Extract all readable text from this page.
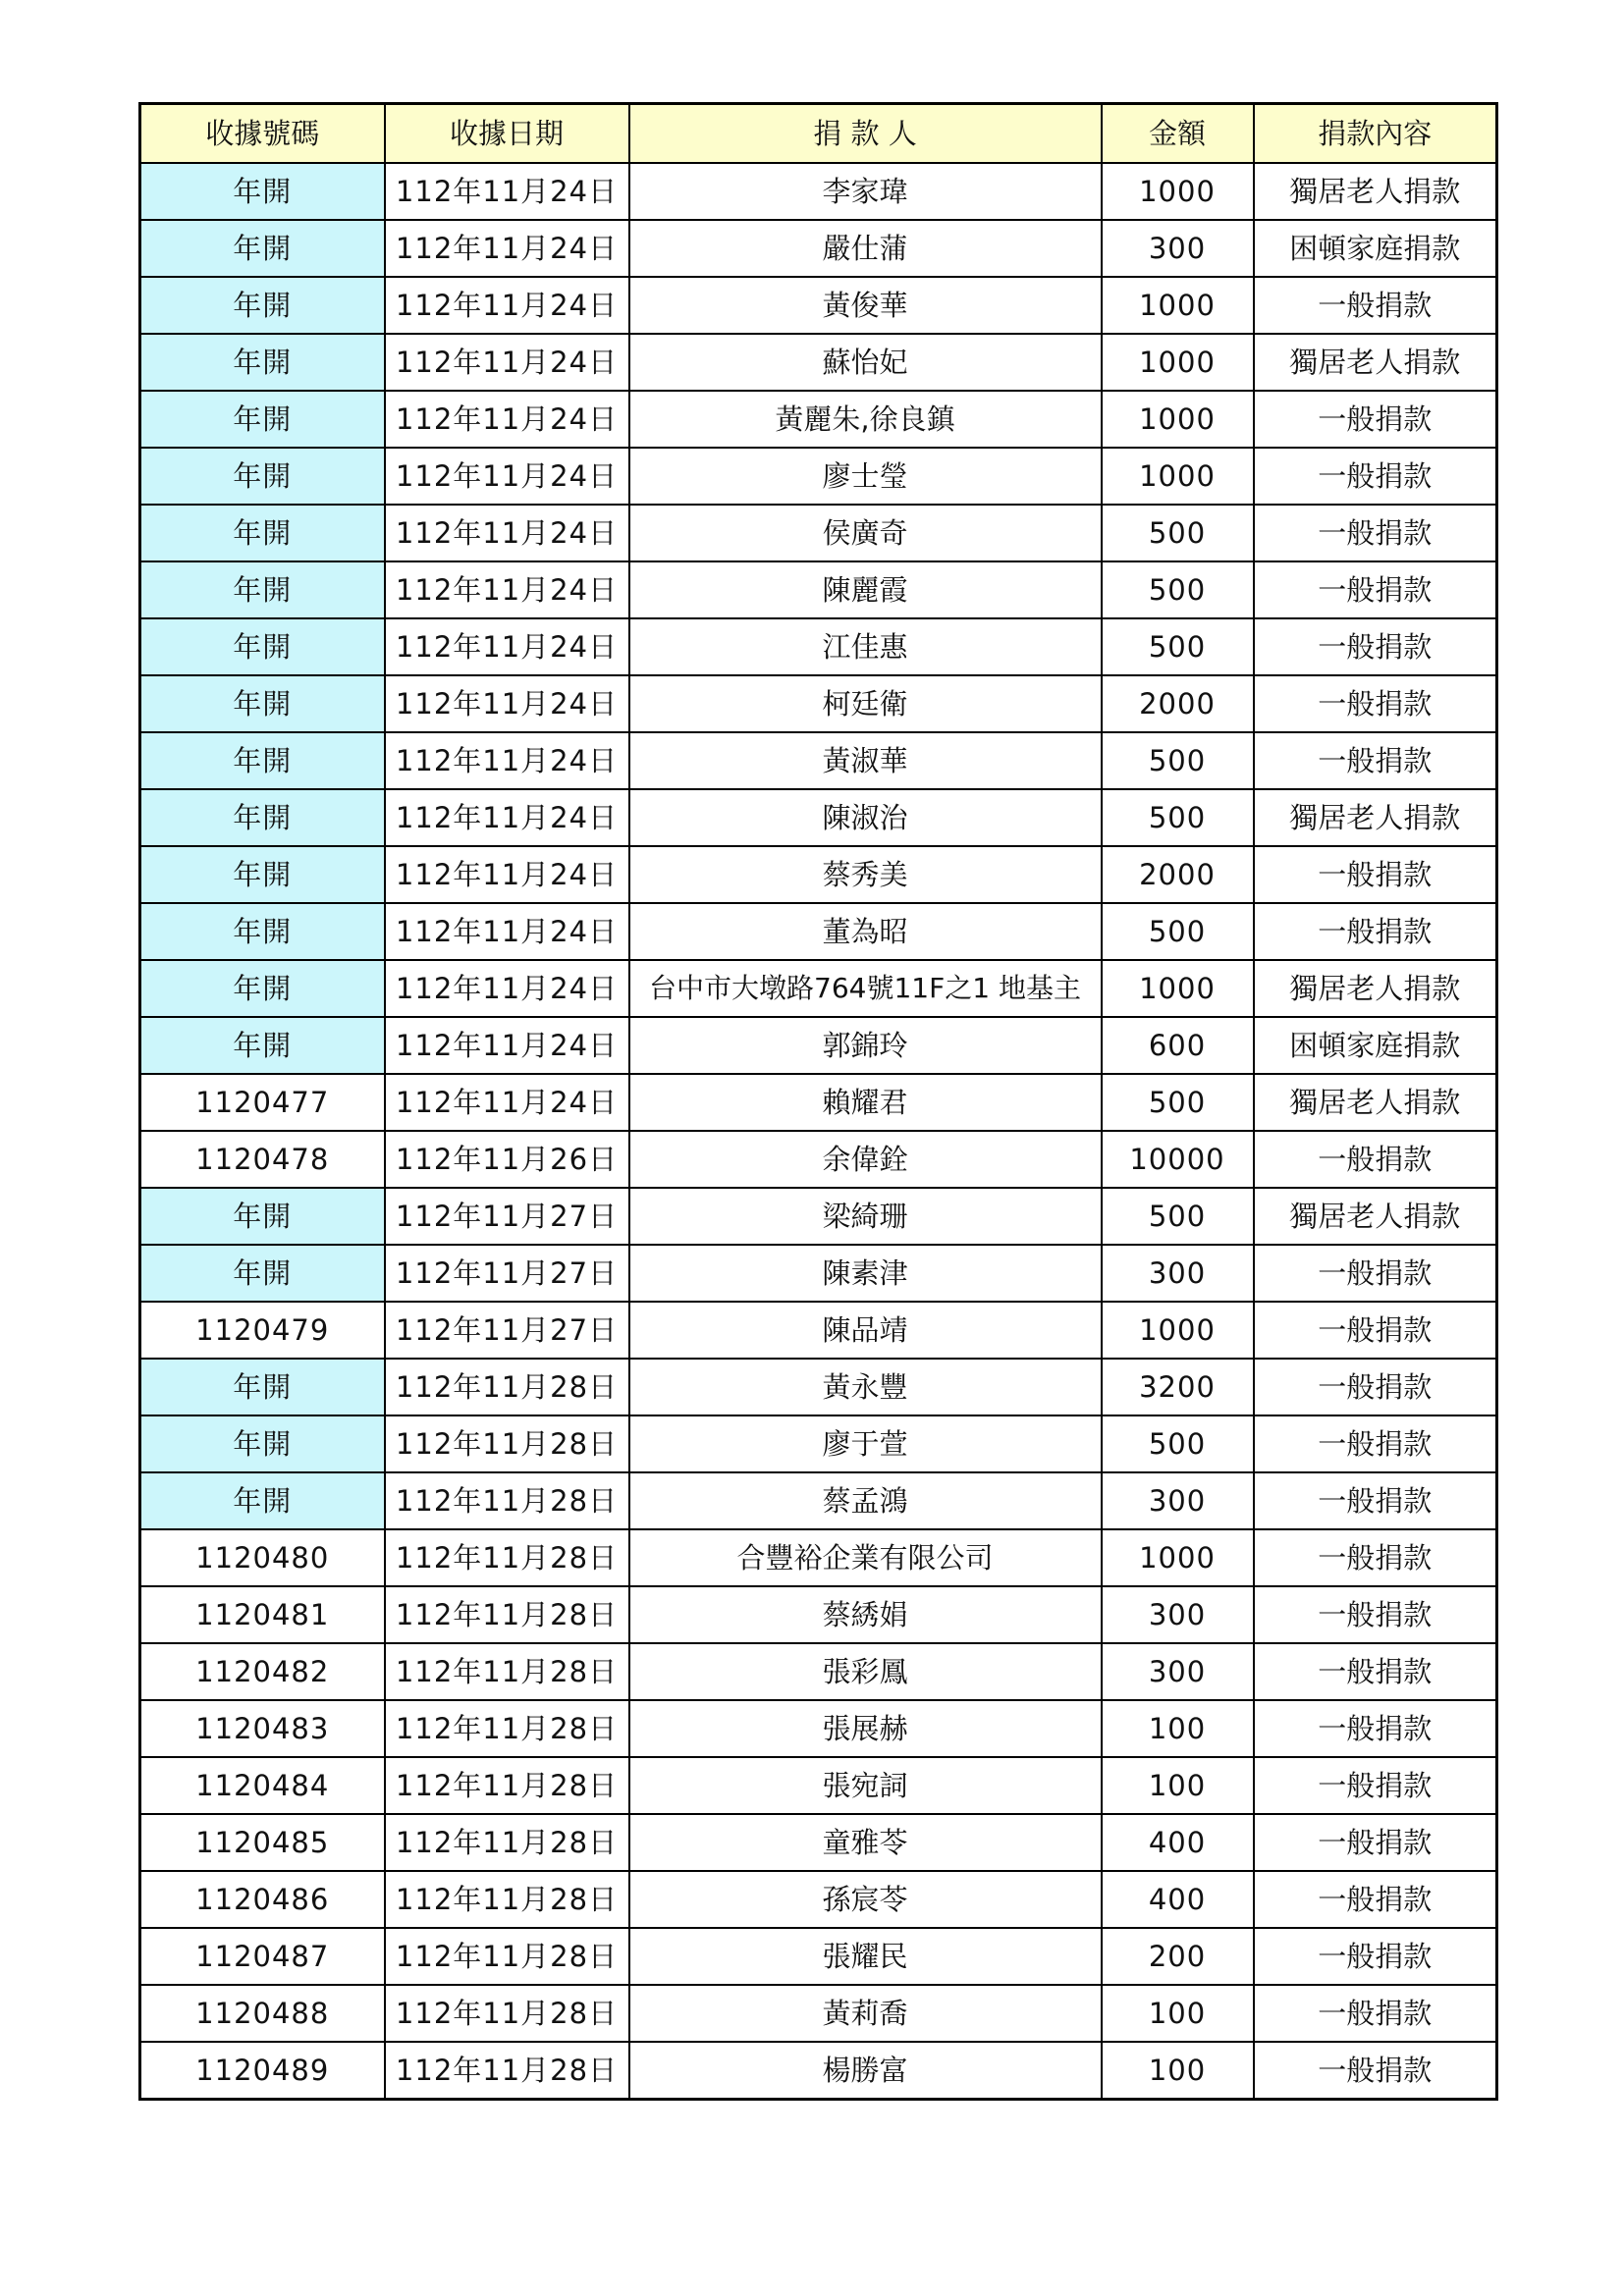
收據號碼	收據日期	捐 款 人	金額	捐款內容
年開	112年11月24日	李家瑋	1000	獨居老人捐款
年開	112年11月24日	嚴仕蒲	300	困頓家庭捐款
年開	112年11月24日	黃俊華	1000	一般捐款
年開	112年11月24日	蘇怡妃	1000	獨居老人捐款
年開	112年11月24日	黃麗朱,徐良鎮	1000	一般捐款
年開	112年11月24日	廖士瑩	1000	一般捐款
年開	112年11月24日	侯廣奇	500	一般捐款
年開	112年11月24日	陳麗霞	500	一般捐款
年開	112年11月24日	江佳惠	500	一般捐款
年開	112年11月24日	柯廷衛	2000	一般捐款
年開	112年11月24日	黃淑華	500	一般捐款
年開	112年11月24日	陳淑治	500	獨居老人捐款
年開	112年11月24日	蔡秀美	2000	一般捐款
年開	112年11月24日	董為昭	500	一般捐款
年開	112年11月24日	台中市大墩路764號11F之1 地基主	1000	獨居老人捐款
年開	112年11月24日	郭錦玲	600	困頓家庭捐款
1120477	112年11月24日	賴耀君	500	獨居老人捐款
1120478	112年11月26日	余偉銓	10000	一般捐款
年開	112年11月27日	梁綺珊	500	獨居老人捐款
年開	112年11月27日	陳素津	300	一般捐款
1120479	112年11月27日	陳品靖	1000	一般捐款
年開	112年11月28日	黃永豐	3200	一般捐款
年開	112年11月28日	廖于萱	500	一般捐款
年開	112年11月28日	蔡孟鴻	300	一般捐款
1120480	112年11月28日	合豐裕企業有限公司	1000	一般捐款
1120481	112年11月28日	蔡綉娟	300	一般捐款
1120482	112年11月28日	張彩鳳	300	一般捐款
1120483	112年11月28日	張展赫	100	一般捐款
1120484	112年11月28日	張宛詞	100	一般捐款
1120485	112年11月28日	童雅苓	400	一般捐款
1120486	112年11月28日	孫宸苓	400	一般捐款
1120487	112年11月28日	張耀民	200	一般捐款
1120488	112年11月28日	黃莉喬	100	一般捐款
1120489	112年11月28日	楊勝富	100	一般捐款
